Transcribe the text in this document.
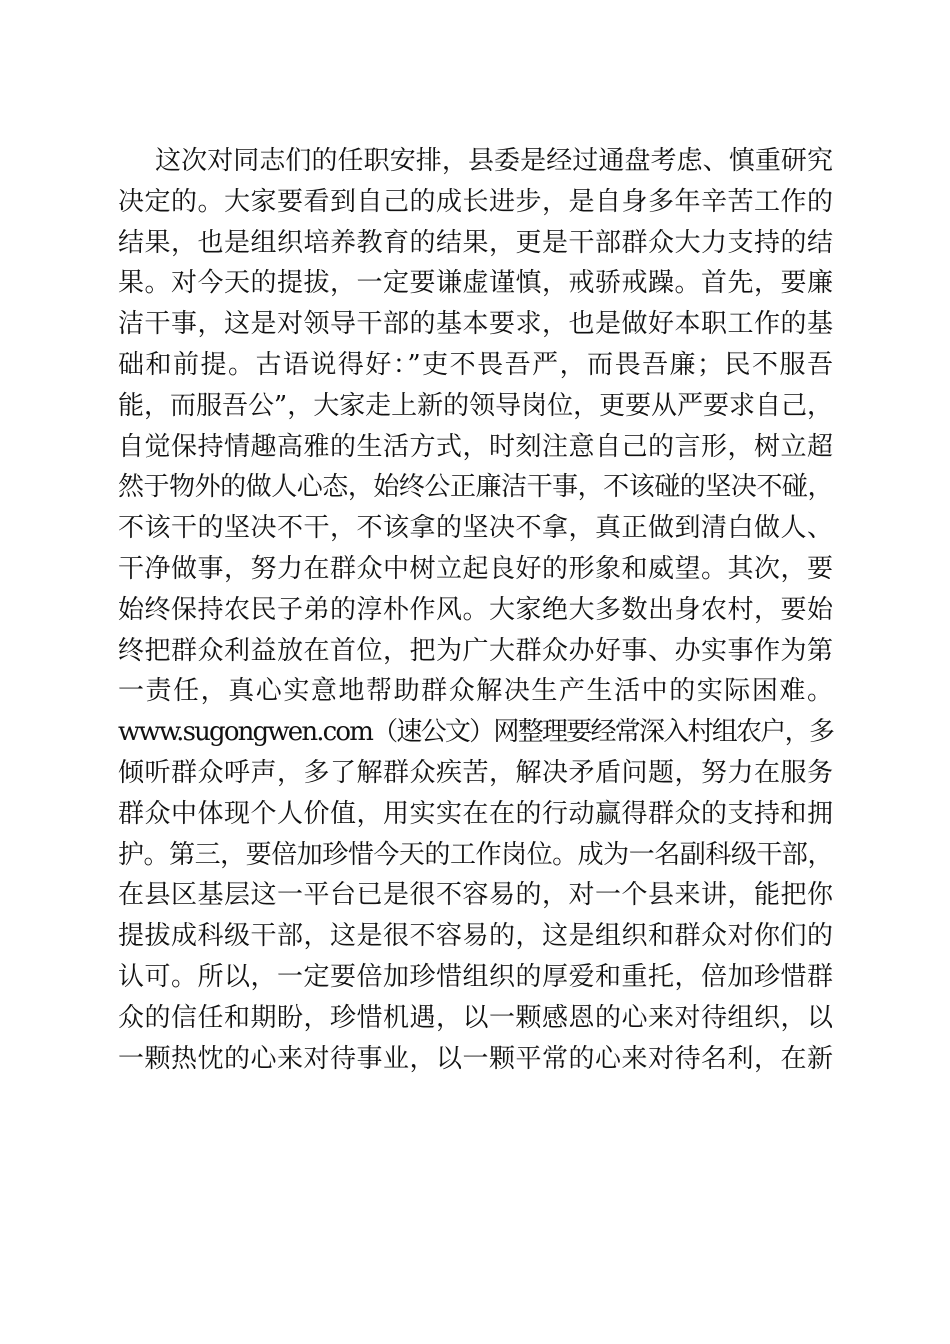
这次对同志们的任职安排，县委是经过通盘考虑、慎重研究
决定的。大家要看到自己的成长进步，是自身多年辛苦工作的
结果，也是组织培养教育的结果，更是干部群众大力支持的结
果。对今天的提拔，一定要谦虚谨慎，戒骄戒躁。首先，要廉
洁干事，这是对领导干部的基本要求，也是做好本职工作的基
础和前提。古语说得好：”吏不畏吾严，而畏吾廉；民不服吾
能，而服吾公”，大家走上新的领导岗位，更要从严要求自己，
自觉保持情趣高雅的生活方式，时刻注意自己的言形，树立超
然于物外的做人心态，始终公正廉洁干事，不该碰的坚决不碰，
不该干的坚决不干，不该拿的坚决不拿，真正做到清白做人、
干净做事，努力在群众中树立起良好的形象和威望。其次，要
始终保持农民子弟的淳朴作风。大家绝大多数出身农村，要始
终把群众利益放在首位，把为广大群众办好事、办实事作为第
一责任，真心实意地帮助群众解决生产生活中的实际困难。
www.sugongwen.com（速公文）网整理要经常深入村组农户，多
倾听群众呼声，多了解群众疾苦，解决矛盾问题，努力在服务
群众中体现个人价值，用实实在在的行动赢得群众的支持和拥
护。第三，要倍加珍惜今天的工作岗位。成为一名副科级干部，
在县区基层这一平台已是很不容易的，对一个县来讲，能把你
提拔成科级干部，这是很不容易的，这是组织和群众对你们的
认可。所以，一定要倍加珍惜组织的厚爱和重托，倍加珍惜群
众的信任和期盼，珍惜机遇，以一颗感恩的心来对待组织，以
一颗热忱的心来对待事业，以一颗平常的心来对待名利，在新
